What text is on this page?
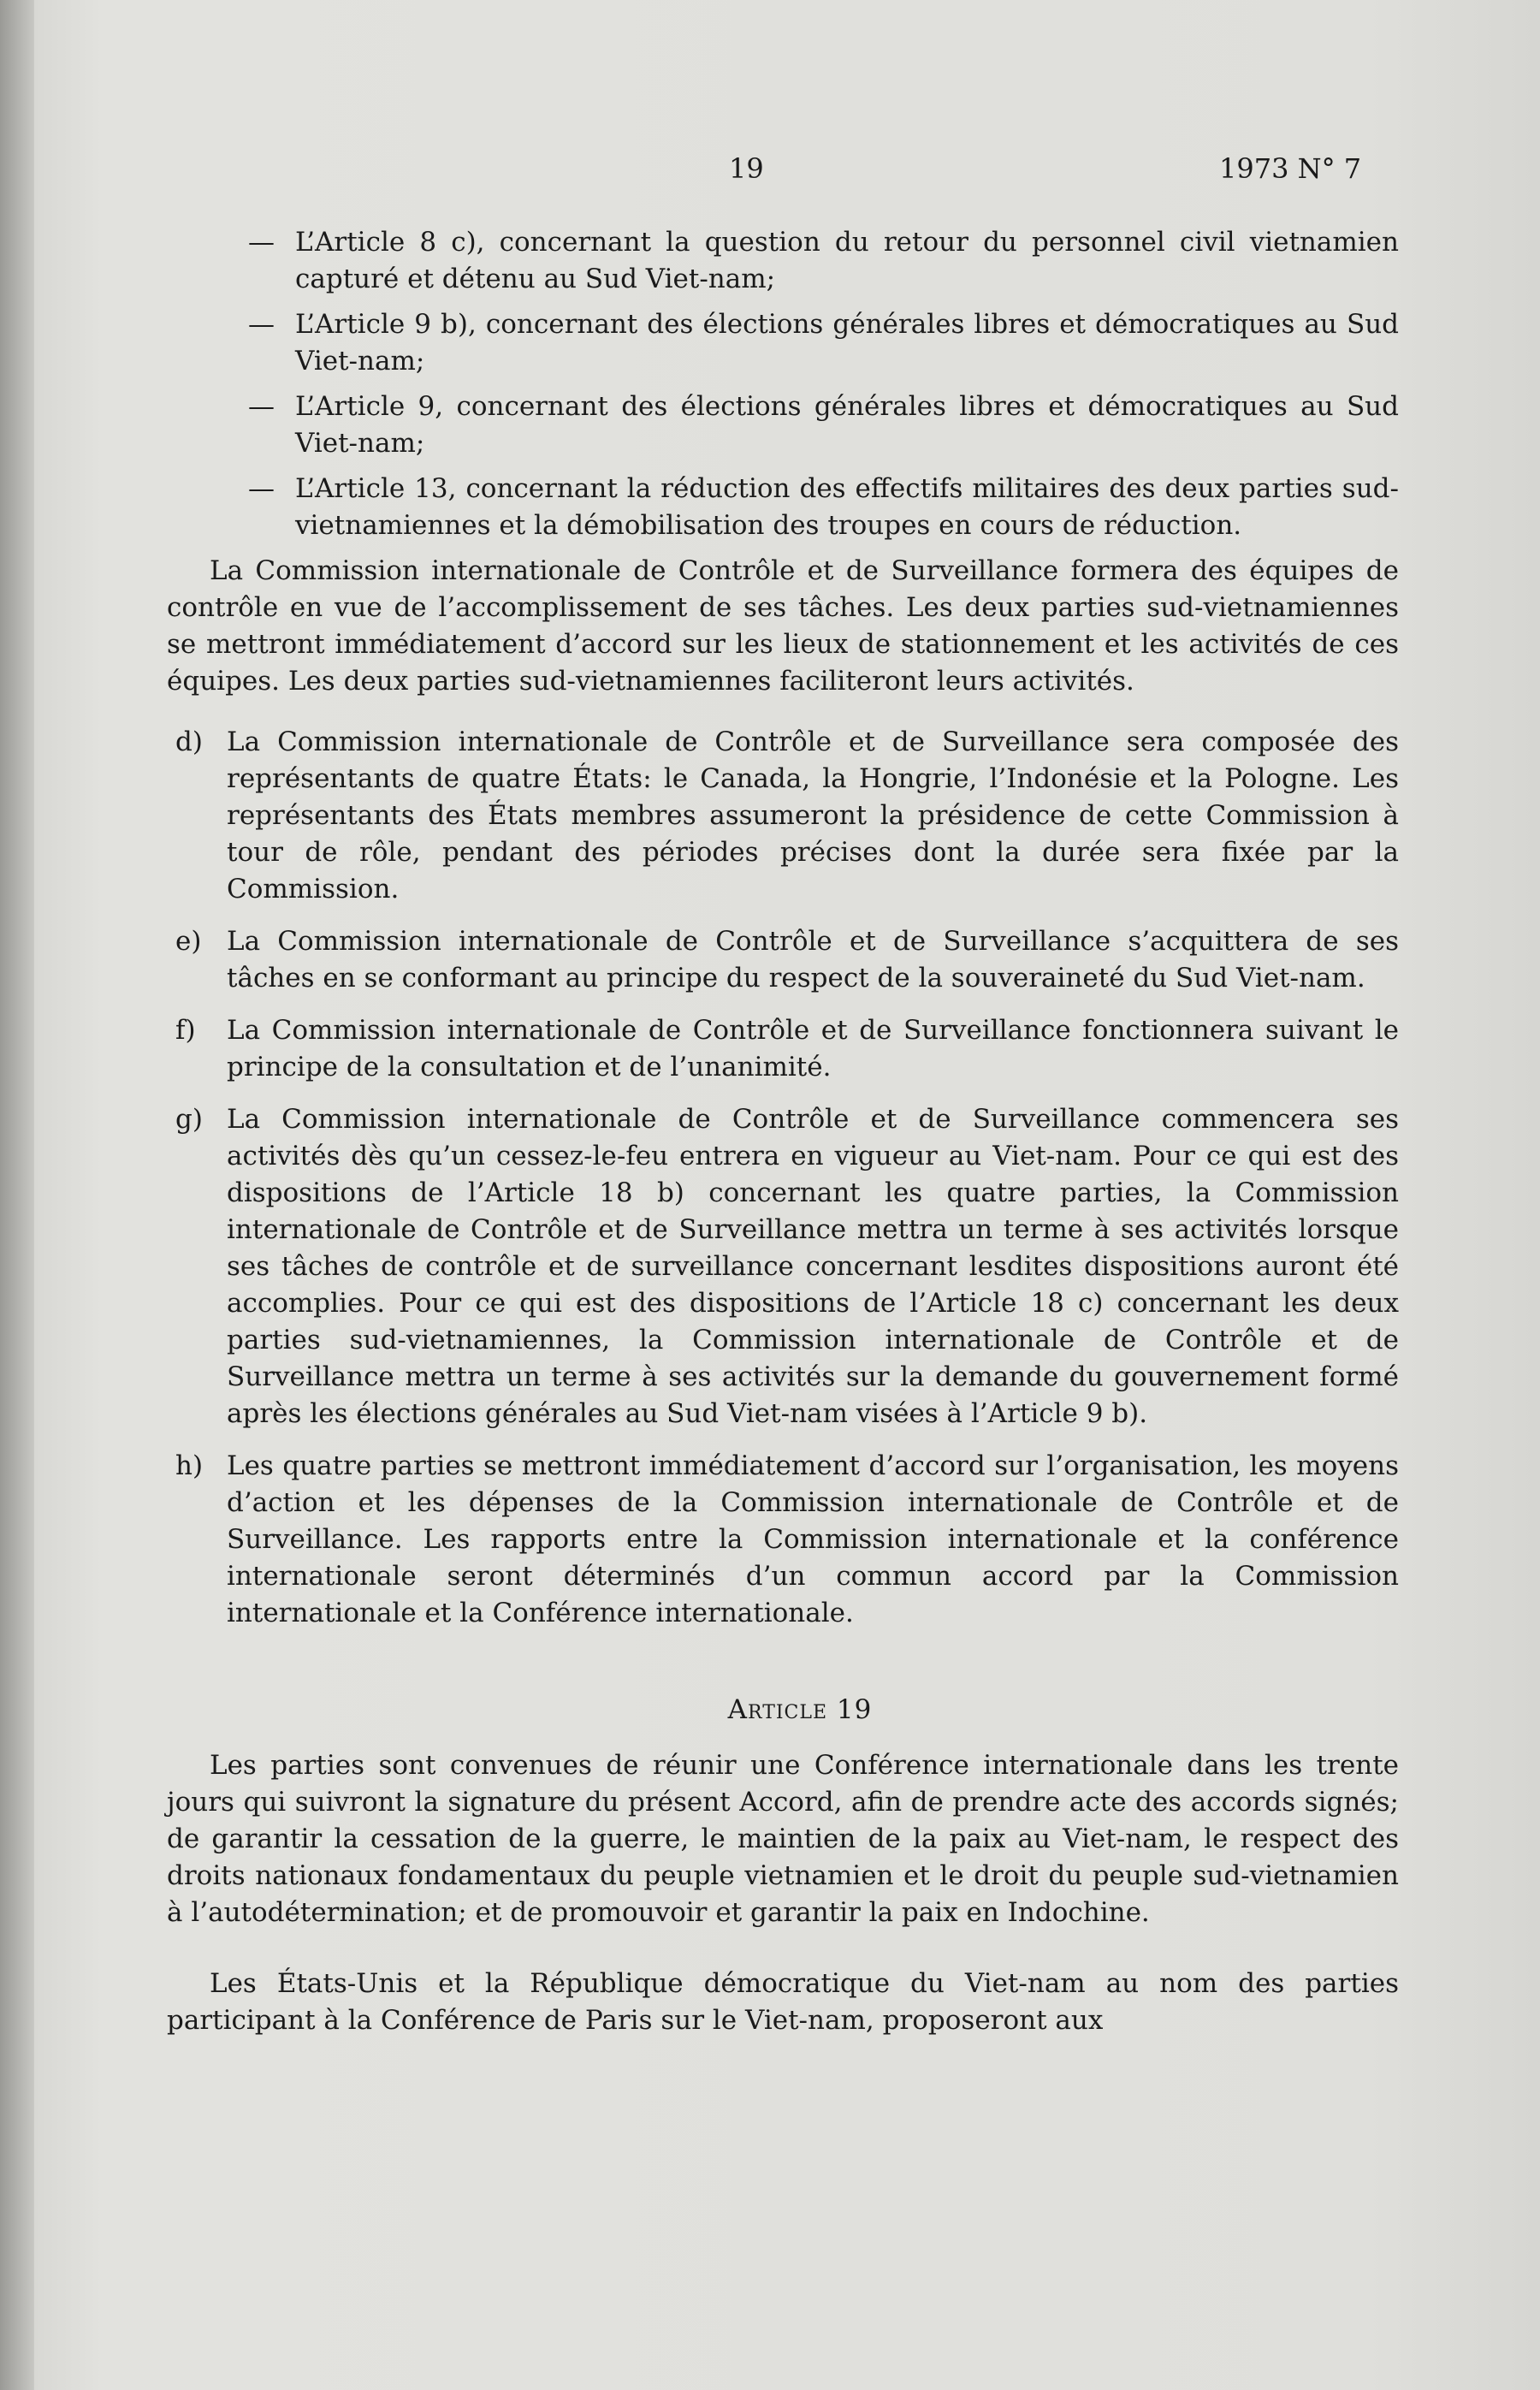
19	1973 N° 7
— L’Article 8 c), concernant la question du retour du personnel civil vietnamien capturé et détenu au Sud Viet-nam;
— L’Article 9 b), concernant des élections générales libres et démocratiques au Sud Viet-nam;
— L’Article 9, concernant des élections générales libres et démocratiques au Sud Viet-nam;
— L’Article 13, concernant la réduction des effectifs militaires des deux parties sud-vietnamiennes et la démobilisation des troupes en cours de réduction.

La Commission internationale de Contrôle et de Surveillance formera des équipes de contrôle en vue de l’accomplissement de ses tâches. Les deux parties sud-vietnamiennes se mettront immédiatement d’accord sur les lieux de stationnement et les activités de ces équipes. Les deux parties sud-vietnamiennes faciliteront leurs activités.

d) La Commission internationale de Contrôle et de Surveillance sera composée des représentants de quatre États: le Canada, la Hongrie, l’Indonésie et la Pologne. Les représentants des États membres assumeront la présidence de cette Commission à tour de rôle, pendant des périodes précises dont la durée sera fixée par la Commission.
e) La Commission internationale de Contrôle et de Surveillance s’acquittera de ses tâches en se conformant au principe du respect de la souveraineté du Sud Viet-nam.
f) La Commission internationale de Contrôle et de Surveillance fonctionnera suivant le principe de la consultation et de l’unanimité.
g) La Commission internationale de Contrôle et de Surveillance commencera ses activités dès qu’un cessez-le-feu entrera en vigueur au Viet-nam. Pour ce qui est des dispositions de l’Article 18 b) concernant les quatre parties, la Commission internationale de Contrôle et de Surveillance mettra un terme à ses activités lorsque ses tâches de contrôle et de surveillance concernant lesdites dispositions auront été accomplies. Pour ce qui est des dispositions de l’Article 18 c) concernant les deux parties sud-vietnamiennes, la Commission internationale de Contrôle et de Surveillance mettra un terme à ses activités sur la demande du gouvernement formé après les élections générales au Sud Viet-nam visées à l’Article 9 b).
h) Les quatre parties se mettront immédiatement d’accord sur l’organisation, les moyens d’action et les dépenses de la Commission internationale de Contrôle et de Surveillance. Les rapports entre la Commission internationale et la conférence internationale seront déterminés d’un commun accord par la Commission internationale et la Conférence internationale.
Article 19

Les parties sont convenues de réunir une Conférence internationale dans les trente jours qui suivront la signature du présent Accord, afin de prendre acte des accords signés; de garantir la cessation de la guerre, le maintien de la paix au Viet-nam, le respect des droits nationaux fondamentaux du peuple vietnamien et le droit du peuple sud-vietnamien à l’autodétermination; et de promouvoir et garantir la paix en Indochine.

Les États-Unis et la République démocratique du Viet-nam au nom des parties participant à la Conférence de Paris sur le Viet-nam, proposeront aux
